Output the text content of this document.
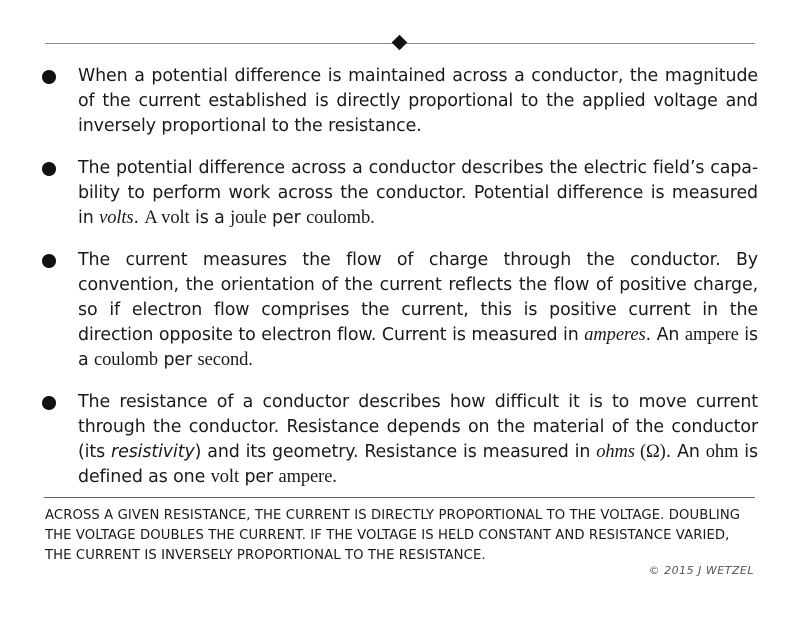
When a potential difference is maintained across a conductor, the magnitude of the current established is directly proportional to the applied voltage and inversely proportional to the resistance.
The potential difference across a conductor describes the electric field’s capa-bility to perform work across the conductor. Potential difference is measured in volts. A volt is a joule per coulomb.
The current measures the flow of charge through the conductor. By convention, the orientation of the current reflects the flow of positive charge, so if electron flow comprises the current, this is positive current in the direction opposite to electron flow. Current is measured in amperes. An ampere is a coulomb per second.
The resistance of a conductor describes how difficult it is to move current through the conductor. Resistance depends on the material of the conductor (its resistivity) and its geometry. Resistance is measured in ohms (Ω). An ohm is defined as one volt per ampere.
ACROSS A GIVEN RESISTANCE, THE CURRENT IS DIRECTLY PROPORTIONAL TO THE VOLTAGE. DOUBLING THE VOLTAGE DOUBLES THE CURRENT. IF THE VOLTAGE IS HELD CONSTANT AND RESISTANCE VARIED, THE CURRENT IS INVERSELY PROPORTIONAL TO THE RESISTANCE.
© 2015 J WETZEL
